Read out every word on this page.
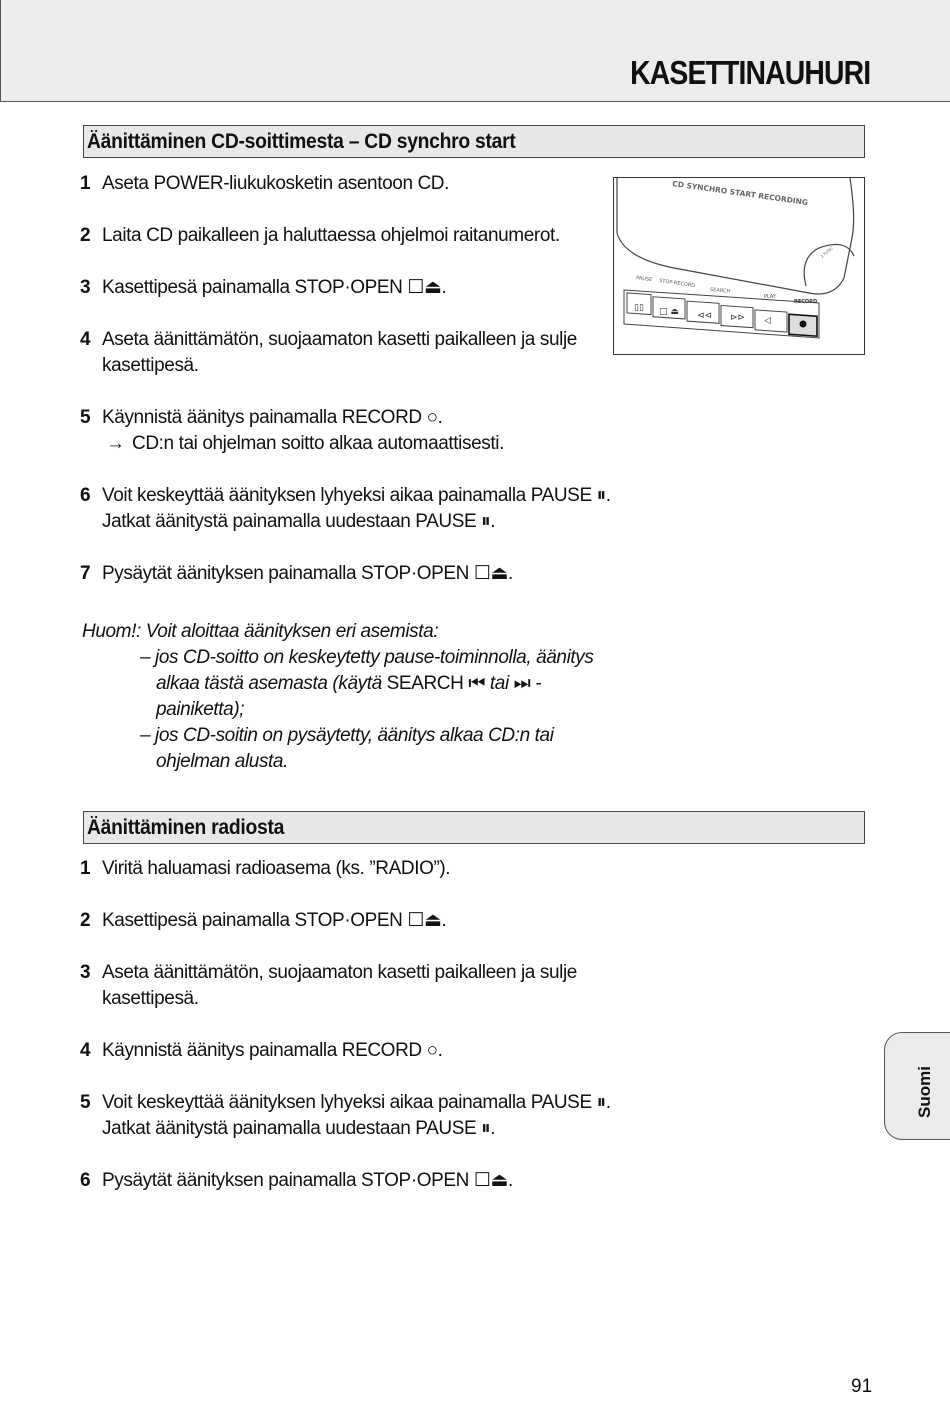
KASETTINAUHURI
Äänittäminen CD-soittimesta – CD synchro start
1 Aseta POWER-liukukosketin asentoon CD.
2 Laita CD paikalleen ja haluttaessa ohjelmoi raitanumerot.
3 Kasettipesä painamalla STOP·OPEN ☐⏏.
4 Aseta äänittämätön, suojaamaton kasetti paikalleen ja sulje
kasettipesä.
5 Käynnistä äänitys painamalla RECORD ○.
→ CD:n tai ohjelman soitto alkaa automaattisesti.
6 Voit keskeyttää äänityksen lyhyeksi aikaa painamalla PAUSE ⏸.
Jatkat äänitystä painamalla uudestaan PAUSE ⏸.
7 Pysäytät äänityksen painamalla STOP·OPEN ☐⏏.
Huom!: Voit aloittaa äänityksen eri asemista:
– jos CD-soitto on keskeytetty pause-toiminnolla, äänitys alkaa tästä asemasta (käytä SEARCH ⏮ tai ⏭ -painiketta);
– jos CD-soitin on pysäytetty, äänitys alkaa CD:n tai ohjelman alusta.
CD SYNCHRO START RECORDING
2 FUNC
PAUSE STOP·RECORD
SEARCH
PLAY
RECORD
▯▯ □ ⏏ ⊲⊲ ⊳⊳ ◁
Äänittäminen radiosta
1 Viritä haluamasi radioasema (ks. ”RADIO”).
2 Kasettipesä painamalla STOP·OPEN ☐⏏.
3 Aseta äänittämätön, suojaamaton kasetti paikalleen ja sulje
kasettipesä.
4 Käynnistä äänitys painamalla RECORD ○.
5 Voit keskeyttää äänityksen lyhyeksi aikaa painamalla PAUSE ⏸.
Jatkat äänitystä painamalla uudestaan PAUSE ⏸.
6 Pysäytät äänityksen painamalla STOP·OPEN ☐⏏.
Suomi
91
